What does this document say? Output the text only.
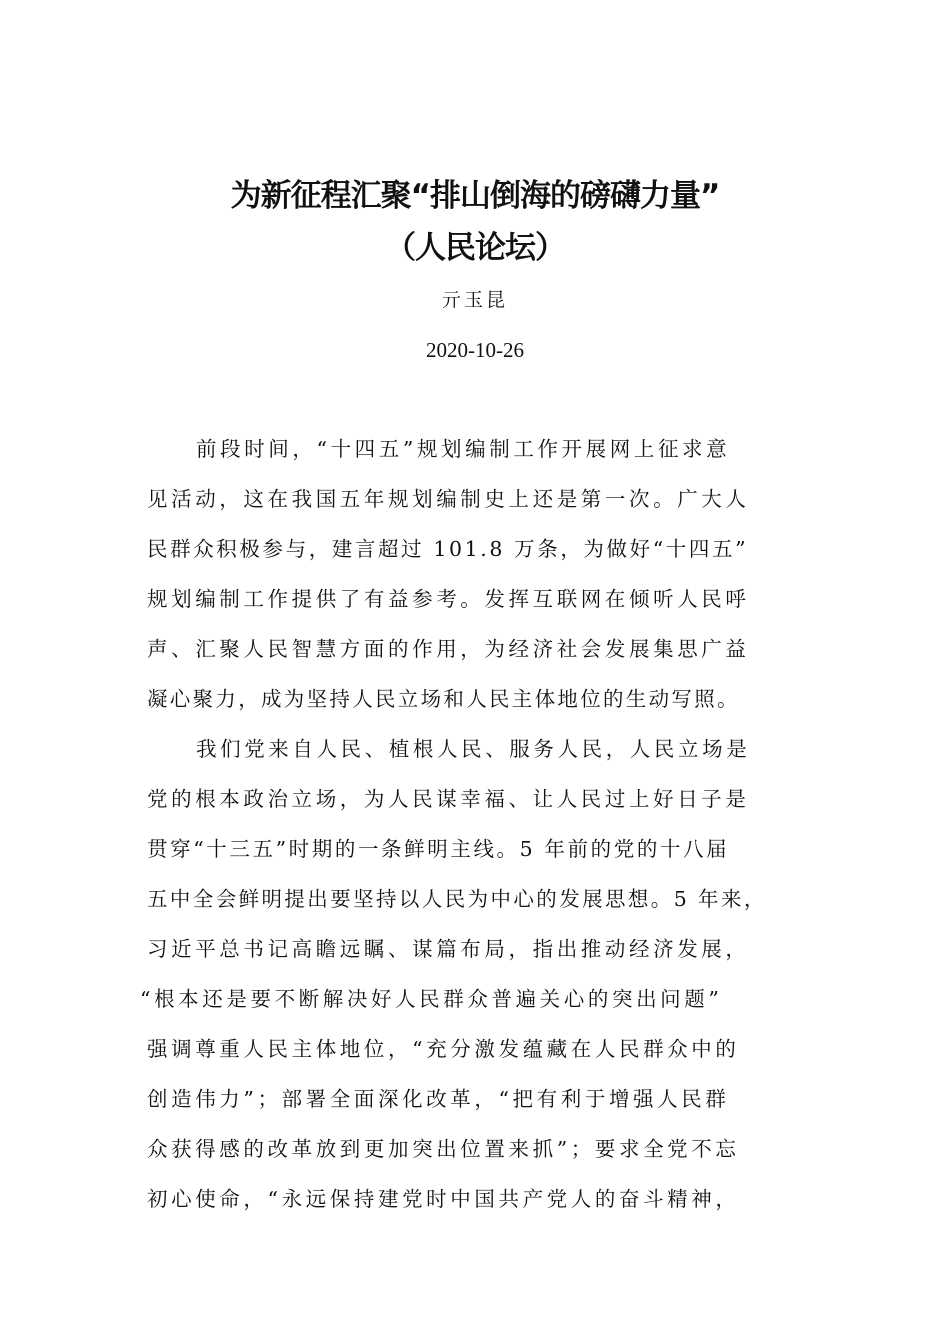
为新征程汇聚“排山倒海的磅礴力量”
（人民论坛）
亓玉昆
2020-10-26
前段时间，“十四五”规划编制工作开展网上征求意
见活动，这在我国五年规划编制史上还是第一次。广大人
民群众积极参与，建言超过 101.8 万条，为做好“十四五”
规划编制工作提供了有益参考。发挥互联网在倾听人民呼
声、汇聚人民智慧方面的作用，为经济社会发展集思广益
凝心聚力，成为坚持人民立场和人民主体地位的生动写照。
我们党来自人民、植根人民、服务人民，人民立场是
党的根本政治立场，为人民谋幸福、让人民过上好日子是
贯穿“十三五”时期的一条鲜明主线。5 年前的党的十八届
五中全会鲜明提出要坚持以人民为中心的发展思想。5 年来，
习近平总书记高瞻远瞩、谋篇布局，指出推动经济发展，
“根本还是要不断解决好人民群众普遍关心的突出问题”
强调尊重人民主体地位，“充分激发蕴藏在人民群众中的
创造伟力”；部署全面深化改革，“把有利于增强人民群
众获得感的改革放到更加突出位置来抓”；要求全党不忘
初心使命，“永远保持建党时中国共产党人的奋斗精神，
